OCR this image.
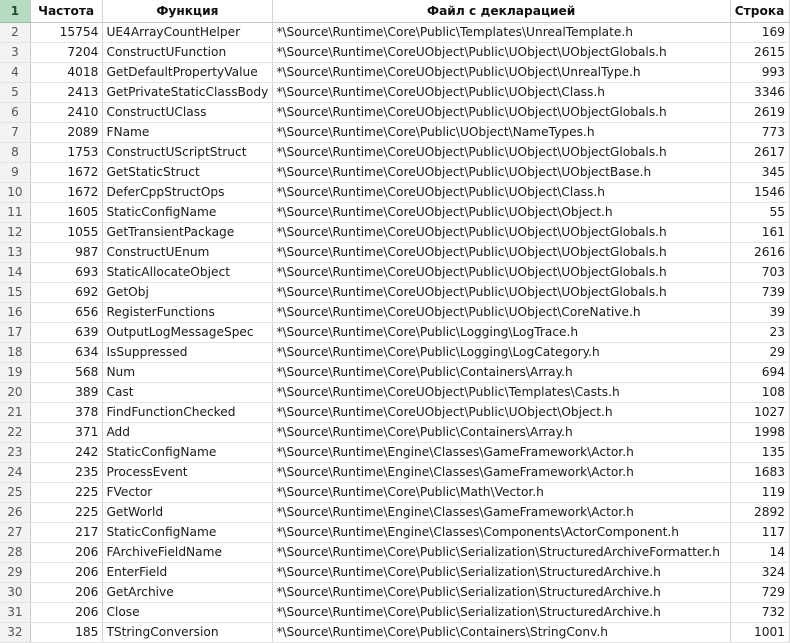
1	Частота	Функция	Файл с декларацией	Строка
2	15754	UE4ArrayCountHelper	*\Source\Runtime\Core\Public\Templates\UnrealTemplate.h	169
3	7204	ConstructUFunction	*\Source\Runtime\CoreUObject\Public\UObject\UObjectGlobals.h	2615
4	4018	GetDefaultPropertyValue	*\Source\Runtime\CoreUObject\Public\UObject\UnrealType.h	993
5	2413	GetPrivateStaticClassBody	*\Source\Runtime\CoreUObject\Public\UObject\Class.h	3346
6	2410	ConstructUClass	*\Source\Runtime\CoreUObject\Public\UObject\UObjectGlobals.h	2619
7	2089	FName	*\Source\Runtime\Core\Public\UObject\NameTypes.h	773
8	1753	ConstructUScriptStruct	*\Source\Runtime\CoreUObject\Public\UObject\UObjectGlobals.h	2617
9	1672	GetStaticStruct	*\Source\Runtime\CoreUObject\Public\UObject\UObjectBase.h	345
10	1672	DeferCppStructOps	*\Source\Runtime\CoreUObject\Public\UObject\Class.h	1546
11	1605	StaticConfigName	*\Source\Runtime\CoreUObject\Public\UObject\Object.h	55
12	1055	GetTransientPackage	*\Source\Runtime\CoreUObject\Public\UObject\UObjectGlobals.h	161
13	987	ConstructUEnum	*\Source\Runtime\CoreUObject\Public\UObject\UObjectGlobals.h	2616
14	693	StaticAllocateObject	*\Source\Runtime\CoreUObject\Public\UObject\UObjectGlobals.h	703
15	692	GetObj	*\Source\Runtime\CoreUObject\Public\UObject\UObjectGlobals.h	739
16	656	RegisterFunctions	*\Source\Runtime\CoreUObject\Public\UObject\CoreNative.h	39
17	639	OutputLogMessageSpec	*\Source\Runtime\Core\Public\Logging\LogTrace.h	23
18	634	IsSuppressed	*\Source\Runtime\Core\Public\Logging\LogCategory.h	29
19	568	Num	*\Source\Runtime\Core\Public\Containers\Array.h	694
20	389	Cast	*\Source\Runtime\CoreUObject\Public\Templates\Casts.h	108
21	378	FindFunctionChecked	*\Source\Runtime\CoreUObject\Public\UObject\Object.h	1027
22	371	Add	*\Source\Runtime\Core\Public\Containers\Array.h	1998
23	242	StaticConfigName	*\Source\Runtime\Engine\Classes\GameFramework\Actor.h	135
24	235	ProcessEvent	*\Source\Runtime\Engine\Classes\GameFramework\Actor.h	1683
25	225	FVector	*\Source\Runtime\Core\Public\Math\Vector.h	119
26	225	GetWorld	*\Source\Runtime\Engine\Classes\GameFramework\Actor.h	2892
27	217	StaticConfigName	*\Source\Runtime\Engine\Classes\Components\ActorComponent.h	117
28	206	FArchiveFieldName	*\Source\Runtime\Core\Public\Serialization\StructuredArchiveFormatter.h	14
29	206	EnterField	*\Source\Runtime\Core\Public\Serialization\StructuredArchive.h	324
30	206	GetArchive	*\Source\Runtime\Core\Public\Serialization\StructuredArchive.h	729
31	206	Close	*\Source\Runtime\Core\Public\Serialization\StructuredArchive.h	732
32	185	TStringConversion	*\Source\Runtime\Core\Public\Containers\StringConv.h	1001
